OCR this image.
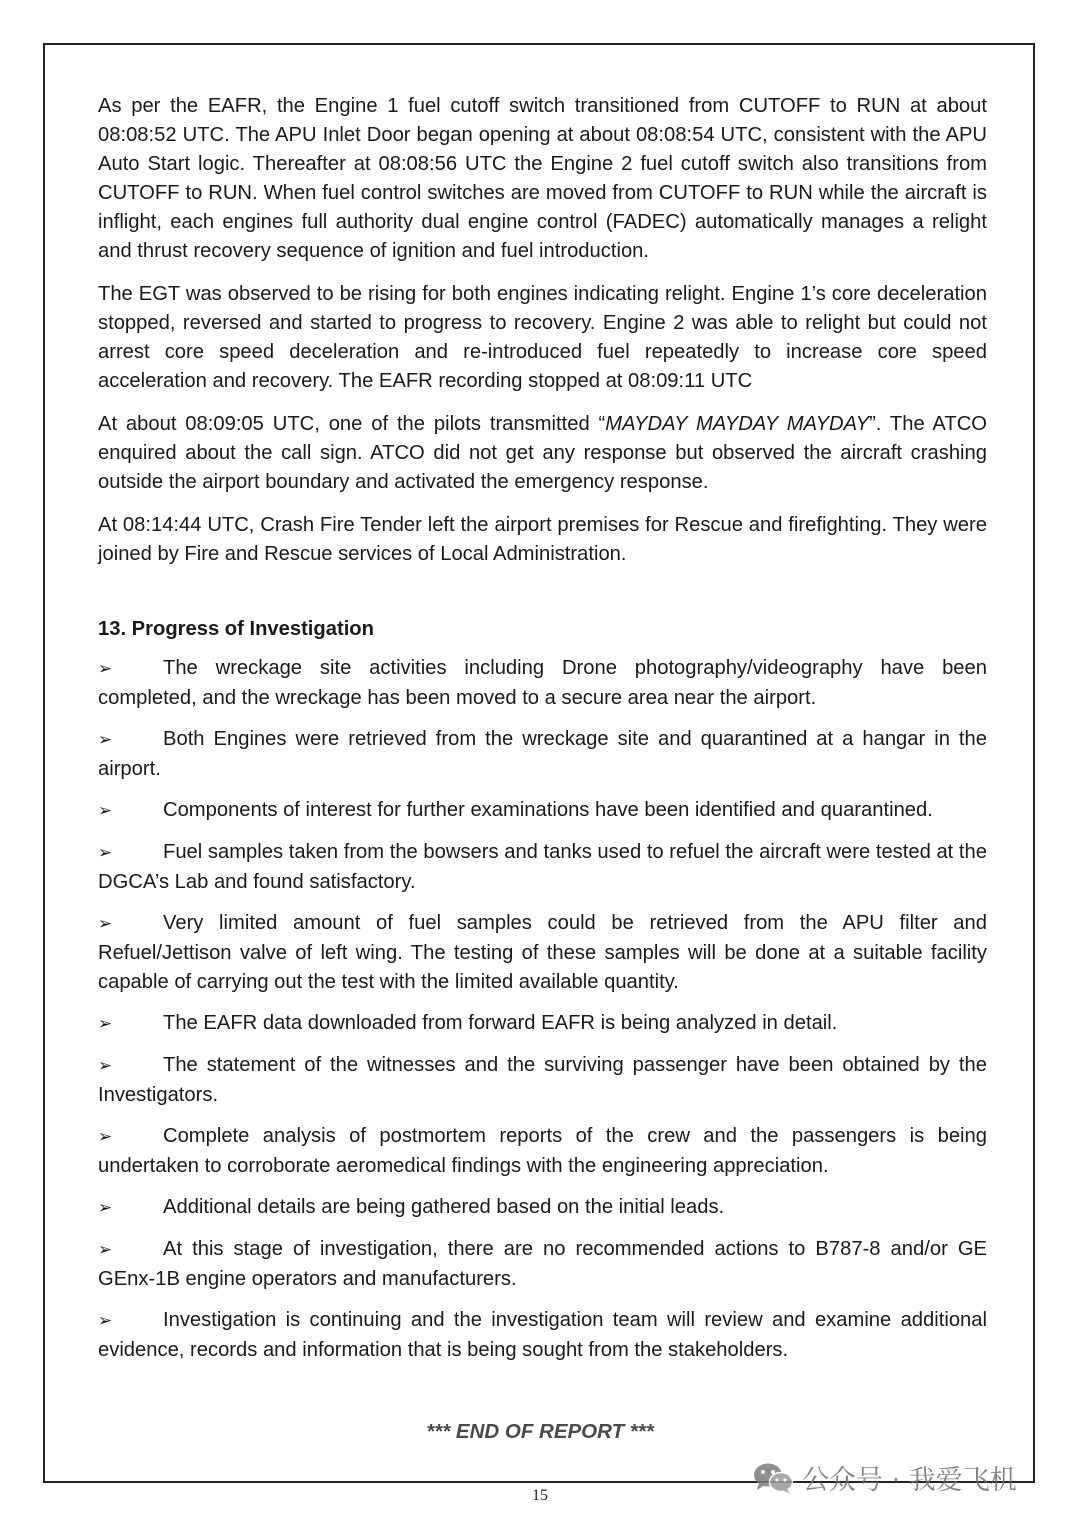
As per the EAFR, the Engine 1 fuel cutoff switch transitioned from CUTOFF to RUN at about 08:08:52 UTC. The APU Inlet Door began opening at about 08:08:54 UTC, consistent with the APU Auto Start logic. Thereafter at 08:08:56 UTC the Engine 2 fuel cutoff switch also transitions from CUTOFF to RUN. When fuel control switches are moved from CUTOFF to RUN while the aircraft is inflight, each engines full authority dual engine control (FADEC) automatically manages a relight and thrust recovery sequence of ignition and fuel introduction.

The EGT was observed to be rising for both engines indicating relight. Engine 1’s core deceleration stopped, reversed and started to progress to recovery. Engine 2 was able to relight but could not arrest core speed deceleration and re-introduced fuel repeatedly to increase core speed acceleration and recovery. The EAFR recording stopped at 08:09:11 UTC

At about 08:09:05 UTC, one of the pilots transmitted “MAYDAY MAYDAY MAYDAY”. The ATCO enquired about the call sign. ATCO did not get any response but observed the aircraft crashing outside the airport boundary and activated the emergency response.

At 08:14:44 UTC, Crash Fire Tender left the airport premises for Rescue and firefighting. They were joined by Fire and Rescue services of Local Administration.

13. Progress of Investigation
➢	The wreckage site activities including Drone photography/videography have been completed, and the wreckage has been moved to a secure area near the airport.
➢	Both Engines were retrieved from the wreckage site and quarantined at a hangar in the airport.
➢	Components of interest for further examinations have been identified and quarantined.
➢	Fuel samples taken from the bowsers and tanks used to refuel the aircraft were tested at the DGCA’s Lab and found satisfactory.
➢	Very limited amount of fuel samples could be retrieved from the APU filter and Refuel/Jettison valve of left wing. The testing of these samples will be done at a suitable facility capable of carrying out the test with the limited available quantity.
➢	The EAFR data downloaded from forward EAFR is being analyzed in detail.
➢	The statement of the witnesses and the surviving passenger have been obtained by the Investigators.
➢	Complete analysis of postmortem reports of the crew and the passengers is being undertaken to corroborate aeromedical findings with the engineering appreciation.
➢	Additional details are being gathered based on the initial leads.
➢	At this stage of investigation, there are no recommended actions to B787-8 and/or GE GEnx-1B engine operators and manufacturers.
➢	Investigation is continuing and the investigation team will review and examine additional evidence, records and information that is being sought from the stakeholders.
*** END OF REPORT ***
15	公众号 · 我爱飞机
